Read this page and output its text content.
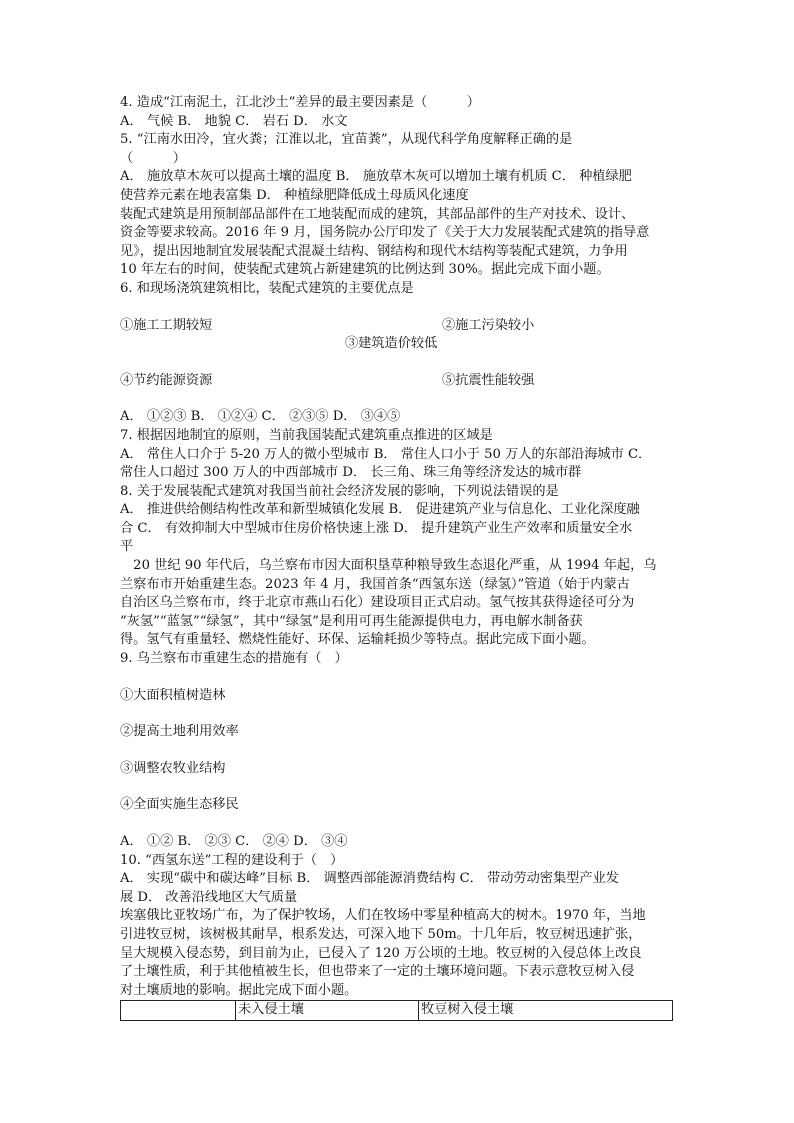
4. 造成“江南泥土，江北沙土”差异的最主要因素是（　　　）
A． 气候 B． 地貌 C． 岩石 D． 水文
5. “江南水田冷，宜火粪；江淮以北，宜苗粪”，从现代科学角度解释正确的是
（　　　）
A． 施放草木灰可以提高土壤的温度 B． 施放草木灰可以增加土壤有机质 C． 种植绿肥
使营养元素在地表富集 D． 种植绿肥降低成土母质风化速度
装配式建筑是用预制部品部件在工地装配而成的建筑，其部品部件的生产对技术、设计、
资金等要求较高。2016 年 9 月，国务院办公厅印发了《关于大力发展装配式建筑的指导意
见》，提出因地制宜发展装配式混凝土结构、钢结构和现代木结构等装配式建筑，力争用
10 年左右的时间，使装配式建筑占新建建筑的比例达到 30%。据此完成下面小题。
6. 和现场浇筑建筑相比，装配式建筑的主要优点是
①施工工期较短	②施工污染较小
③建筑造价较低
④节约能源资源	⑤抗震性能较强
A． ①②③ B． ①②④ C． ②③⑤ D． ③④⑤
7. 根据因地制宜的原则，当前我国装配式建筑重点推进的区域是
A． 常住人口介于 5-20 万人的微小型城市 B． 常住人口小于 50 万人的东部沿海城市 C．
常住人口超过 300 万人的中西部城市 D． 长三角、珠三角等经济发达的城市群
8. 关于发展装配式建筑对我国当前社会经济发展的影响，下列说法错误的是
A． 推进供给侧结构性改革和新型城镇化发展 B． 促进建筑产业与信息化、工业化深度融
合 C． 有效抑制大中型城市住房价格快速上涨 D． 提升建筑产业生产效率和质量安全水
平
　20 世纪 90 年代后，乌兰察布市因大面积垦草种粮导致生态退化严重，从 1994 年起，乌
兰察布市开始重建生态。2023 年 4 月，我国首条“西氢东送（绿氢）”管道（始于内蒙古
自治区乌兰察布市，终于北京市燕山石化）建设项目正式启动。氢气按其获得途径可分为
“灰氢”“蓝氢”“绿氢”，其中“绿氢”是利用可再生能源提供电力，再电解水制备获
得。氢气有重量轻、燃烧性能好、环保、运输耗损少等特点。据此完成下面小题。
9. 乌兰察布市重建生态的措施有（　）
①大面积植树造林
②提高土地利用效率
③调整农牧业结构
④全面实施生态移民
A． ①② B． ②③ C． ②④ D． ③④
10. “西氢东送”工程的建设利于（　）
A． 实现“碳中和碳达峰”目标 B． 调整西部能源消费结构 C． 带动劳动密集型产业发
展 D． 改善沿线地区大气质量
埃塞俄比亚牧场广布，为了保护牧场，人们在牧场中零星种植高大的树木。1970 年，当地
引进牧豆树，该树极其耐旱，根系发达，可深入地下 50m。十几年后，牧豆树迅速扩张，
呈大规模入侵态势，到目前为止，已侵入了 120 万公顷的土地。牧豆树的入侵总体上改良
了土壤性质，利于其他植被生长，但也带来了一定的土壤环境问题。下表示意牧豆树入侵
对土壤质地的影响。据此完成下面小题。
	未入侵土壤	牧豆树入侵土壤
